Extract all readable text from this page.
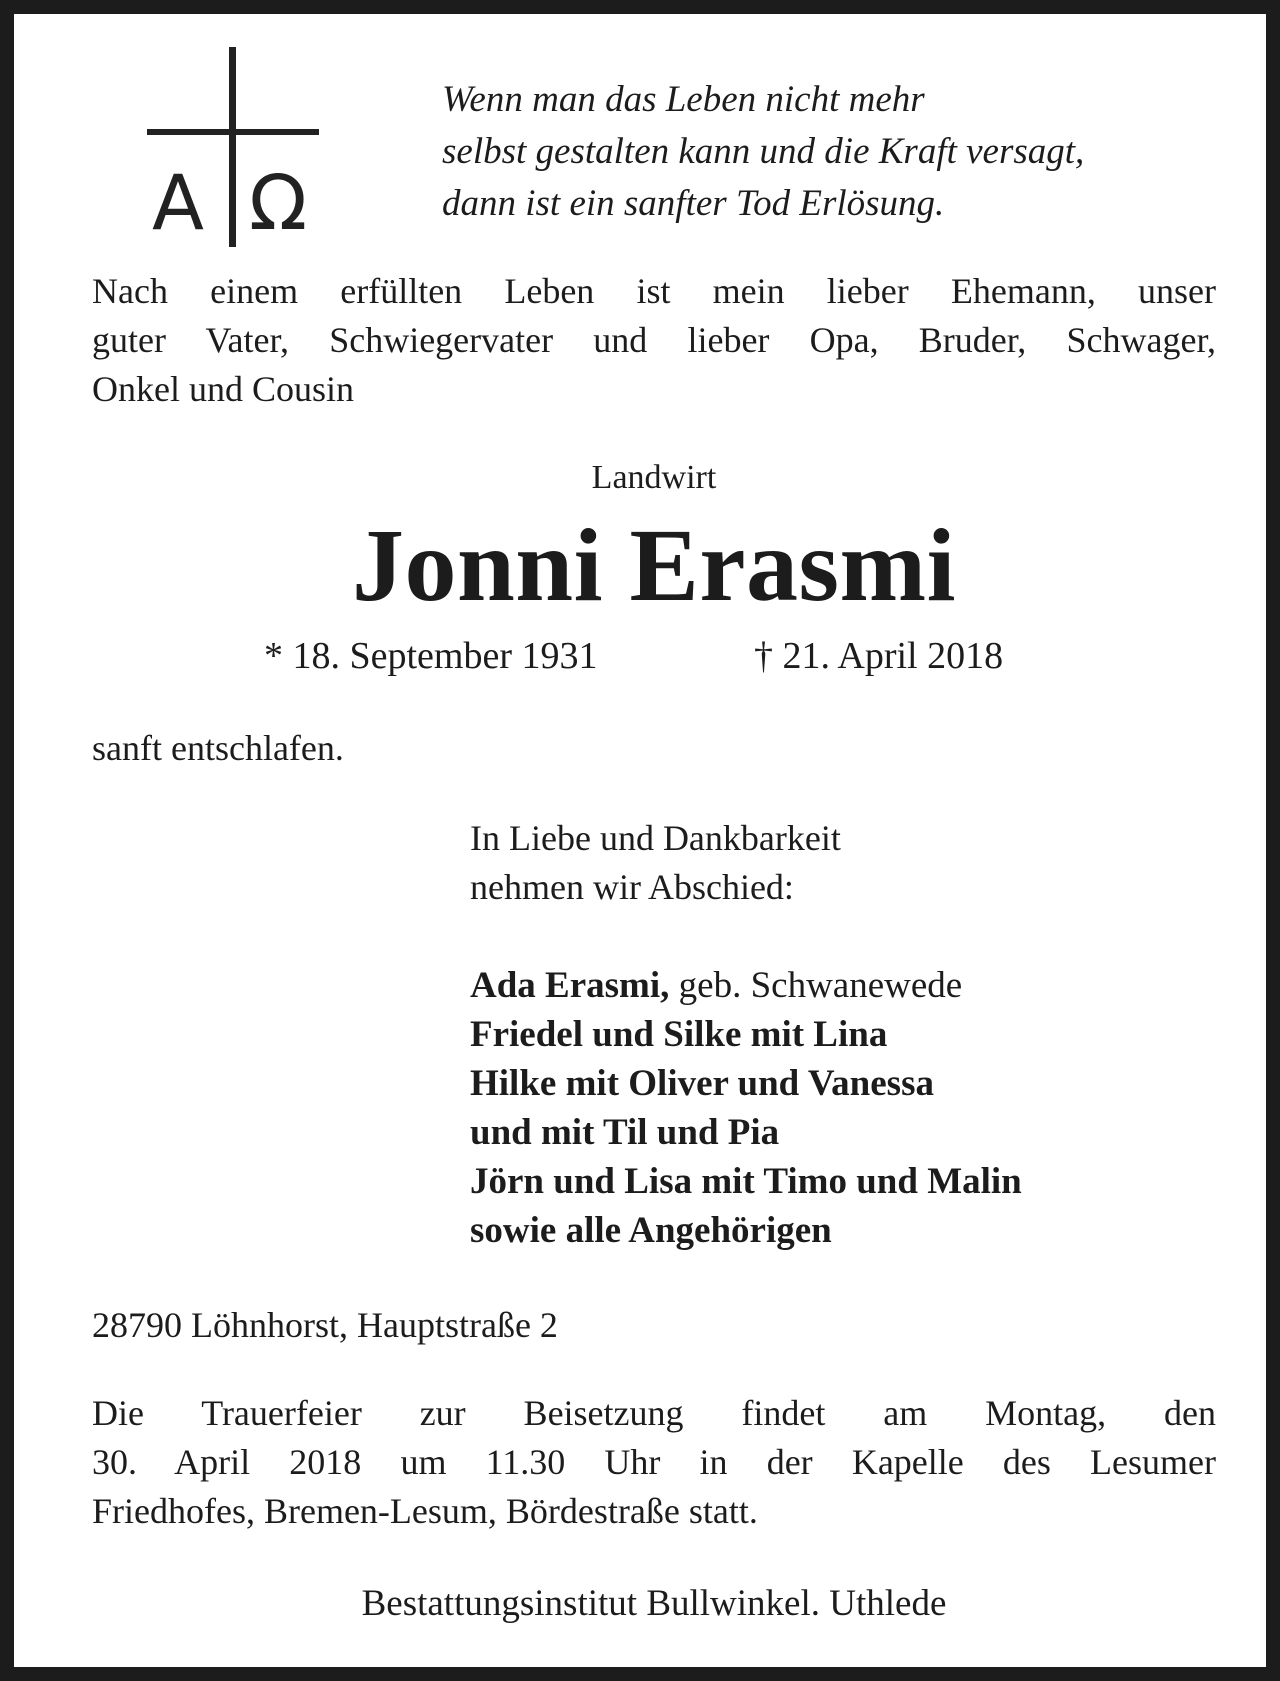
Α Ω
Wenn man das Leben nicht mehr
selbst gestalten kann und die Kraft versagt,
dann ist ein sanfter Tod Erlösung.
Nach einem erfüllten Leben ist mein lieber Ehemann, unser
guter Vater, Schwiegervater und lieber Opa, Bruder, Schwager,
Onkel und Cousin
Landwirt
Jonni Erasmi
* 18. September 1931	† 21. April 2018
sanft entschlafen.
In Liebe und Dankbarkeit
nehmen wir Abschied:
Ada Erasmi, geb. Schwanewede
Friedel und Silke mit Lina
Hilke mit Oliver und Vanessa
und mit Til und Pia
Jörn und Lisa mit Timo und Malin
sowie alle Angehörigen
28790 Löhnhorst, Hauptstraße 2
Die Trauerfeier zur Beisetzung findet am Montag, den
30. April 2018 um 11.30 Uhr in der Kapelle des Lesumer
Friedhofes, Bremen-Lesum, Bördestraße statt.
Bestattungsinstitut Bullwinkel. Uthlede
